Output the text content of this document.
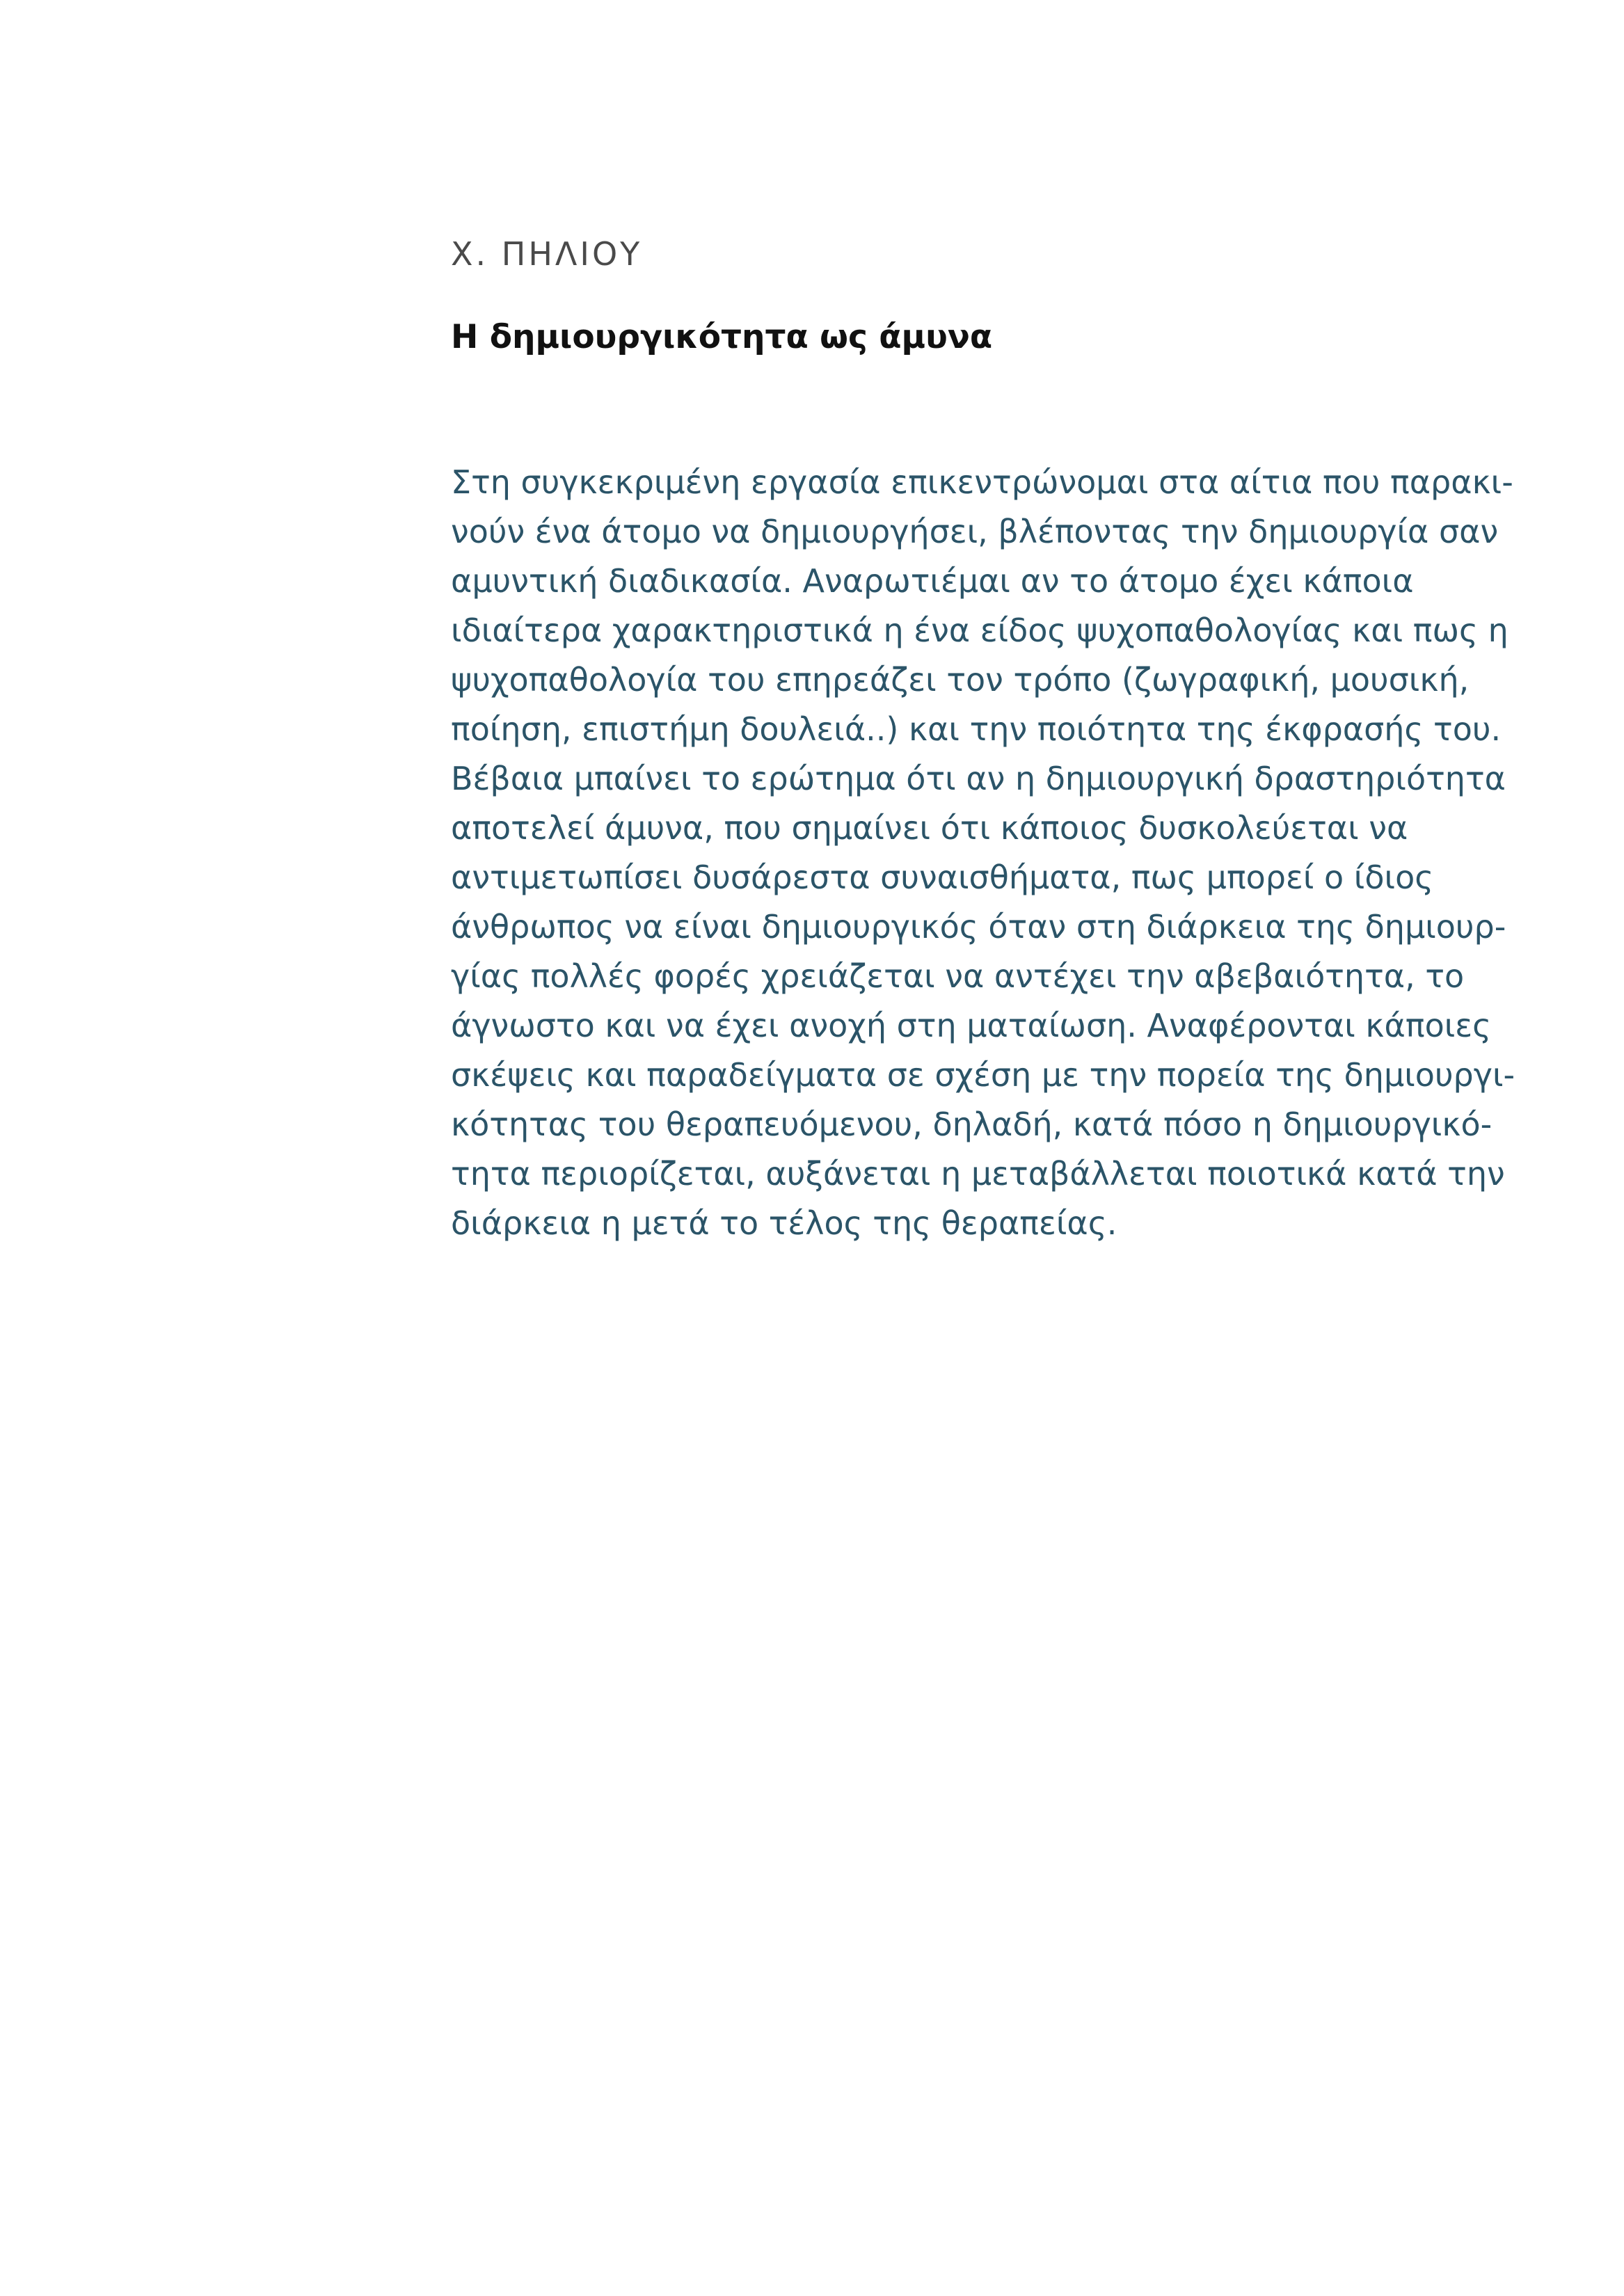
Χ. ΠΗΛΙΟΥ
Η δημιουργικότητα ως άμυνα
Στη συγκεκριμένη εργασία επικεντρώνομαι στα αίτια που παρακι-
νούν ένα άτομο να δημιουργήσει, βλέποντας την δημιουργία σαν
αμυντική διαδικασία. Αναρωτιέμαι αν το άτομο έχει κάποια
ιδιαίτερα χαρακτηριστικά η ένα είδος ψυχοπαθολογίας και πως η
ψυχοπαθολογία του επηρεάζει τον τρόπο (ζωγραφική, μουσική,
ποίηση, επιστήμη δουλειά..) και την ποιότητα της έκφρασής του.
Βέβαια μπαίνει το ερώτημα ότι αν η δημιουργική δραστηριότητα
αποτελεί άμυνα, που σημαίνει ότι κάποιος δυσκολεύεται να
αντιμετωπίσει δυσάρεστα συναισθήματα, πως μπορεί ο ίδιος
άνθρωπος να είναι δημιουργικός όταν στη διάρκεια της δημιουρ-
γίας πολλές φορές χρειάζεται να αντέχει την αβεβαιότητα, το
άγνωστο και να έχει ανοχή στη ματαίωση. Αναφέρονται κάποιες
σκέψεις και παραδείγματα σε σχέση με την πορεία της δημιουργι-
κότητας του θεραπευόμενου, δηλαδή, κατά πόσο η δημιουργικό-
τητα περιορίζεται, αυξάνεται η μεταβάλλεται ποιοτικά κατά την
διάρκεια η μετά το τέλος της θεραπείας.
